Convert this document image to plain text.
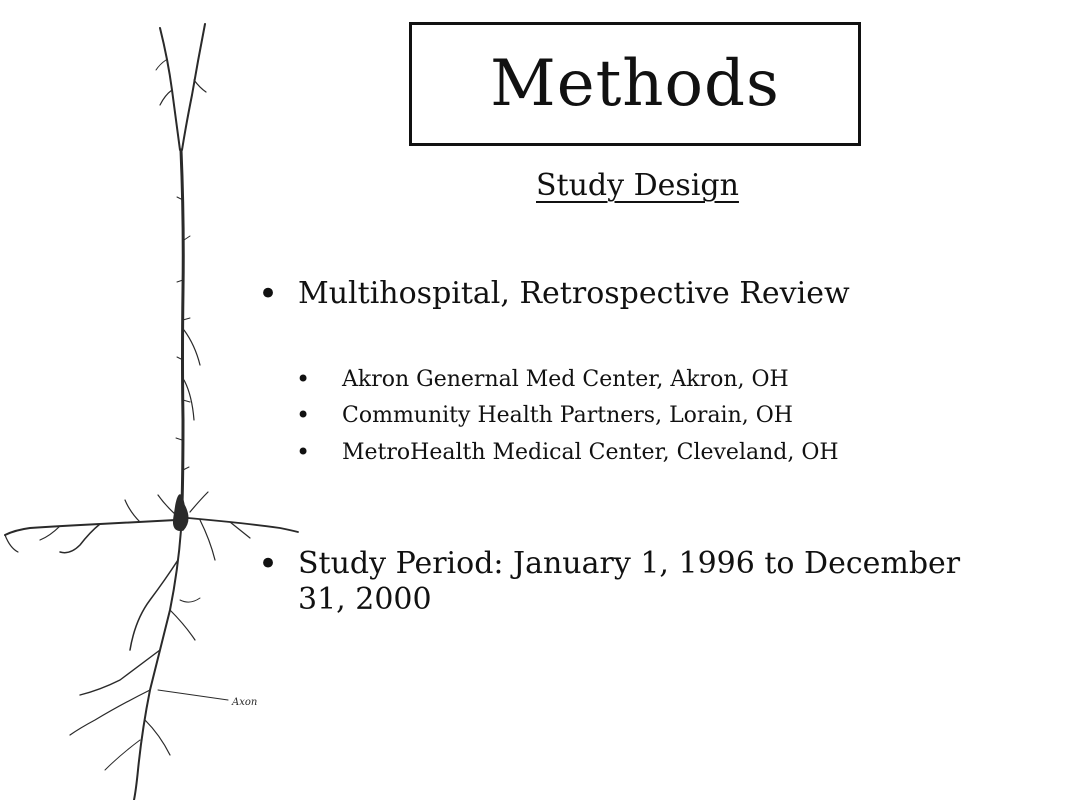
Axon
Methods
Study Design
• Multihospital, Retrospective Review
•	Akron Genernal Med Center, Akron, OH
•	Community Health Partners, Lorain, OH
•	MetroHealth Medical Center, Cleveland, OH
• Study Period: January 1, 1996 to December 31, 2000
